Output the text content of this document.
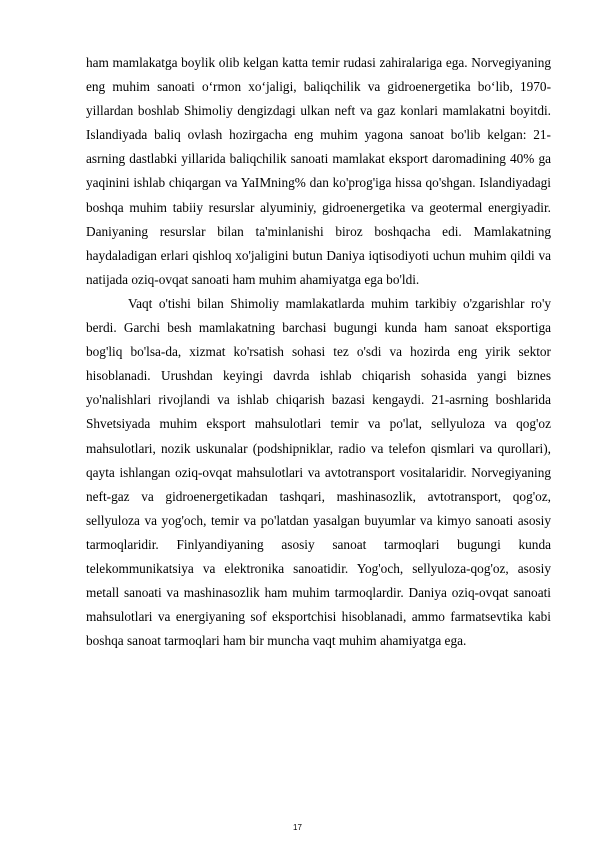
ham mamlakatga boylik olib kelgan katta temir rudasi zahiralariga ega. Norvegiyaning eng muhim sanoati o‘rmon xo‘jaligi, baliqchilik va gidroenergetika bo‘lib, 1970-yillardan boshlab Shimoliy dengizdagi ulkan neft va gaz konlari mamlakatni boyitdi. Islandiyada baliq ovlash hozirgacha eng muhim yagona sanoat bo'lib kelgan: 21-asrning dastlabki yillarida baliqchilik sanoati mamlakat eksport daromadining 40% ga yaqinini ishlab chiqargan va YaIMning% dan ko'prog'iga hissa qo'shgan. Islandiyadagi boshqa muhim tabiiy resurslar alyuminiy, gidroenergetika va geotermal energiyadir. Daniyaning resurslar bilan ta'minlanishi biroz boshqacha edi. Mamlakatning haydaladigan erlari qishloq xo'jaligini butun Daniya iqtisodiyoti uchun muhim qildi va natijada oziq-ovqat sanoati ham muhim ahamiyatga ega bo'ldi.

Vaqt o'tishi bilan Shimoliy mamlakatlarda muhim tarkibiy o'zgarishlar ro'y berdi. Garchi besh mamlakatning barchasi bugungi kunda ham sanoat eksportiga bog'liq bo'lsa-da, xizmat ko'rsatish sohasi tez o'sdi va hozirda eng yirik sektor hisoblanadi. Urushdan keyingi davrda ishlab chiqarish sohasida yangi biznes yo'nalishlari rivojlandi va ishlab chiqarish bazasi kengaydi. 21-asrning boshlarida Shvetsiyada muhim eksport mahsulotlari temir va po'lat, sellyuloza va qog'oz mahsulotlari, nozik uskunalar (podshipniklar, radio va telefon qismlari va qurollari), qayta ishlangan oziq-ovqat mahsulotlari va avtotransport vositalaridir. Norvegiyaning neft-gaz va gidroenergetikadan tashqari, mashinasozlik, avtotransport, qog'oz, sellyuloza va yog'och, temir va po'latdan yasalgan buyumlar va kimyo sanoati asosiy tarmoqlaridir. Finlyandiyaning asosiy sanoat tarmoqlari bugungi kunda telekommunikatsiya va elektronika sanoatidir. Yog'och, sellyuloza-qog'oz, asosiy metall sanoati va mashinasozlik ham muhim tarmoqlardir. Daniya oziq-ovqat sanoati mahsulotlari va energiyaning sof eksportchisi hisoblanadi, ammo farmatsevtika kabi boshqa sanoat tarmoqlari ham bir muncha vaqt muhim ahamiyatga ega.

17
